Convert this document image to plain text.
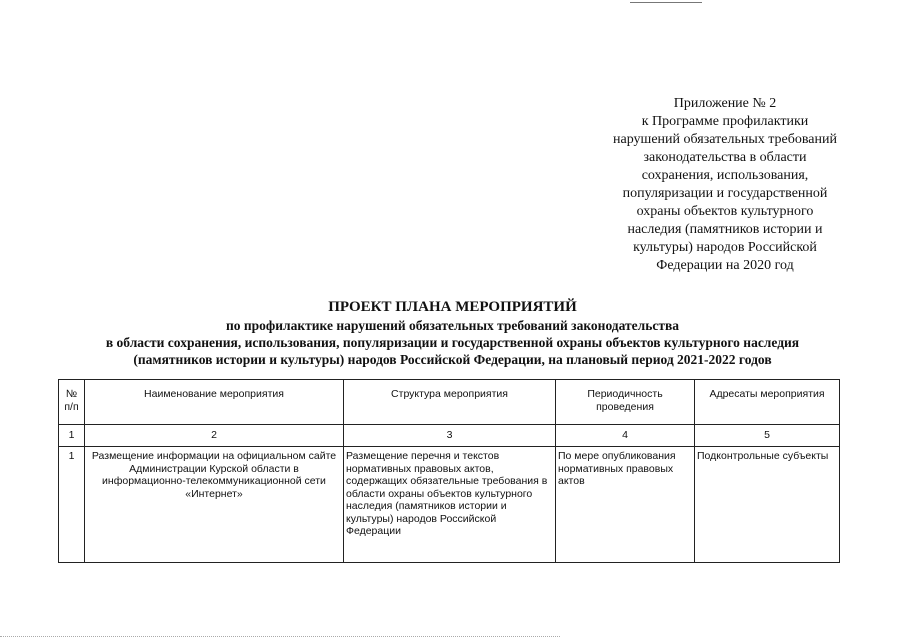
Приложение № 2
к Программе профилактики
нарушений обязательных требований
законодательства в области
сохранения, использования,
популяризации и государственной
охраны объектов культурного
наследия (памятников истории и
культуры) народов Российской
Федерации на 2020 год
ПРОЕКТ ПЛАНА МЕРОПРИЯТИЙ
по профилактике нарушений обязательных требований законодательства
в области сохранения, использования, популяризации и государственной охраны объектов культурного наследия
(памятников истории и культуры) народов Российской Федерации, на плановый период 2021-2022 годов
№ п/п	Наименование мероприятия	Структура мероприятия	Периодичность проведения	Адресаты мероприятия
1	2	3	4	5
1	Размещение информации на официальном сайте Администрации Курской области в информационно-телекоммуникационной сети «Интернет»	Размещение перечня и текстов нормативных правовых актов, содержащих обязательные требования в области охраны объектов культурного наследия (памятников истории и культуры) народов Российской Федерации	По мере опубликования нормативных правовых актов	Подконтрольные субъекты
